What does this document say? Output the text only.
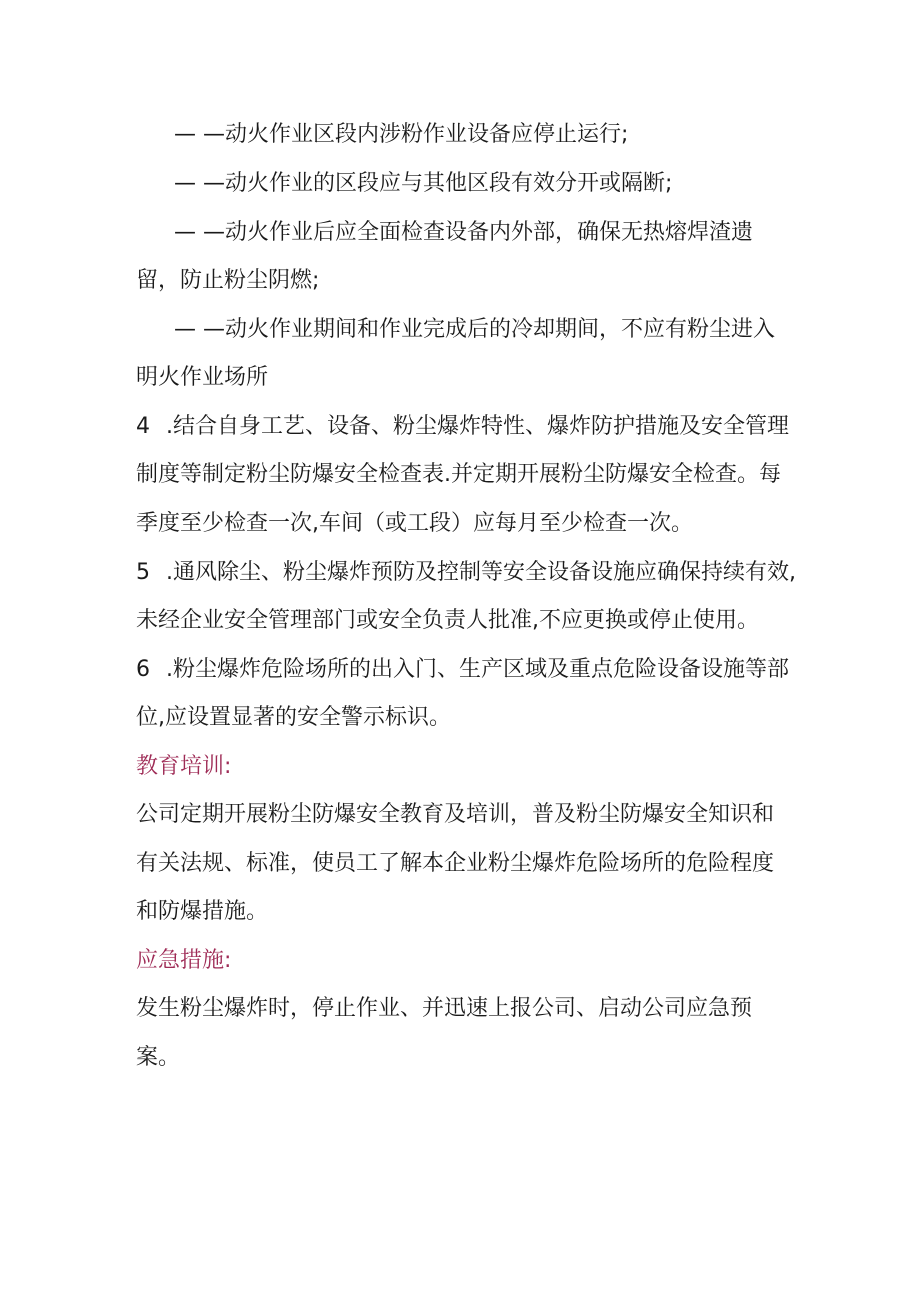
— —动火作业区段内涉粉作业设备应停止运行;
— —动火作业的区段应与其他区段有效分开或隔断;
— —动火作业后应全面检查设备内外部，确保无热熔焊渣遗
留，防止粉尘阴燃;
— —动火作业期间和作业完成后的冷却期间，不应有粉尘进入
明火作业场所
4 .结合自身工艺、设备、粉尘爆炸特性、爆炸防护措施及安全管理
制度等制定粉尘防爆安全检查表.并定期开展粉尘防爆安全检查。每
季度至少检查一次,车间（或工段）应每月至少检查一次。
5 .通风除尘、粉尘爆炸预防及控制等安全设备设施应确保持续有效,
未经企业安全管理部门或安全负责人批准,不应更换或停止使用。
6 .粉尘爆炸危险场所的出入门、生产区域及重点危险设备设施等部
位,应设置显著的安全警示标识。
教育培训:
公司定期开展粉尘防爆安全教育及培训，普及粉尘防爆安全知识和
有关法规、标准，使员工了解本企业粉尘爆炸危险场所的危险程度
和防爆措施。
应急措施:
发生粉尘爆炸时，停止作业、并迅速上报公司、启动公司应急预
案。
